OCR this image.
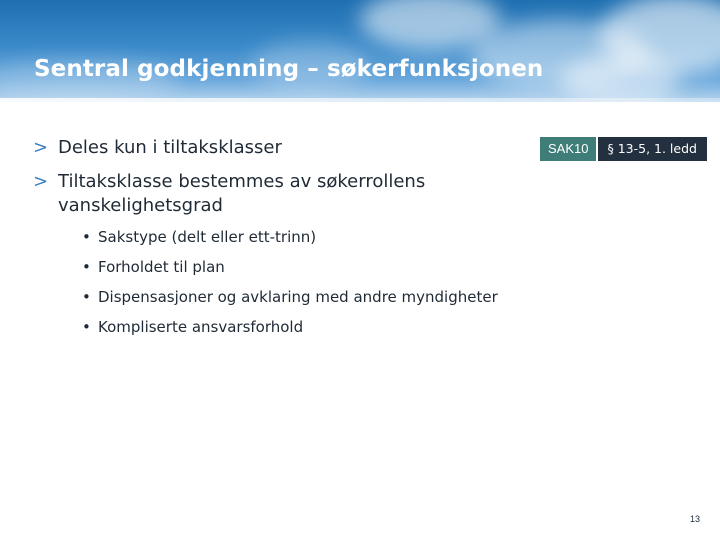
Sentral godkjenning – søkerfunksjonen
SAK10	§ 13-5, 1. ledd
> Deles kun i tiltaksklasser
> Tiltaksklasse bestemmes av søkerrollens vanskelighetsgrad
• Sakstype (delt eller ett-trinn)
• Forholdet til plan
• Dispensasjoner og avklaring med andre myndigheter
• Kompliserte ansvarsforhold
13
